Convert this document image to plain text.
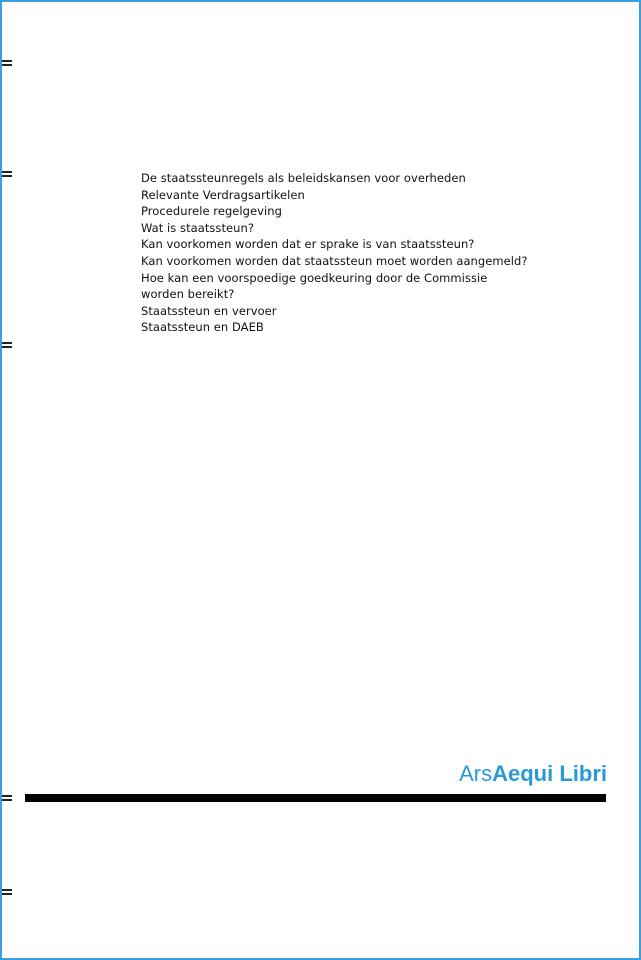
De staatssteunregels als beleidskansen voor overheden
Relevante Verdragsartikelen
Procedurele regelgeving
Wat is staatssteun?
Kan voorkomen worden dat er sprake is van staatssteun?
Kan voorkomen worden dat staatssteun moet worden aangemeld?
Hoe kan een voorspoedige goedkeuring door de Commissie
worden bereikt?
Staatssteun en vervoer
Staatssteun en DAEB
ArsAequi Libri
